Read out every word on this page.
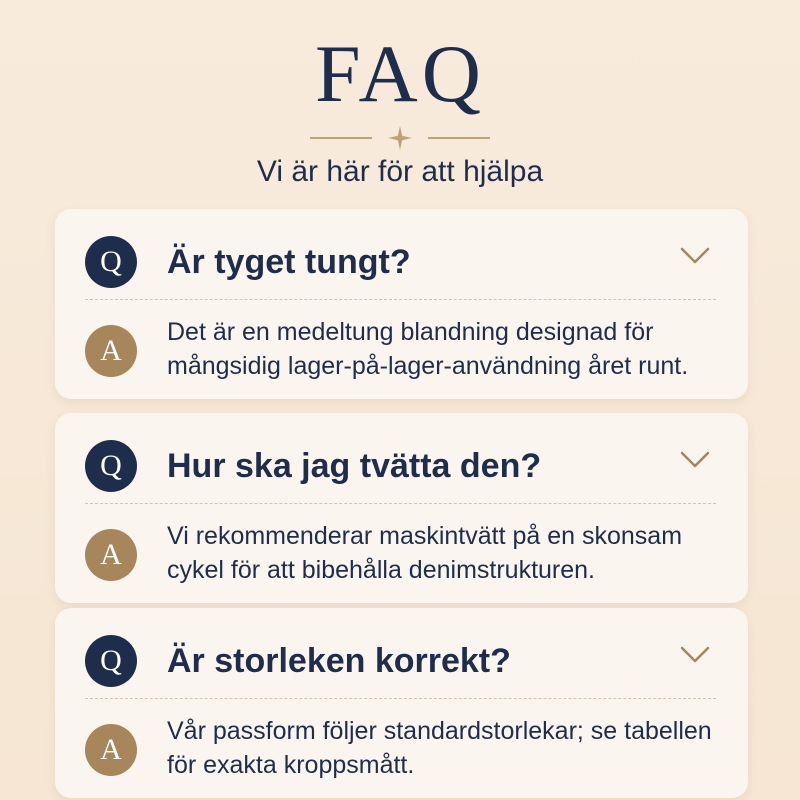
FAQ
Vi är här för att hjälpa
Q	Är tyget tungt?
A
Det är en medeltung blandning designad för mångsidig lager-på-lager-användning året runt.
Q	Hur ska jag tvätta den?
A
Vi rekommenderar maskintvätt på en skonsam cykel för att bibehålla denimstrukturen.
Q	Är storleken korrekt?
A
Vår passform följer standardstorlekar; se tabellen för exakta kroppsmått.
